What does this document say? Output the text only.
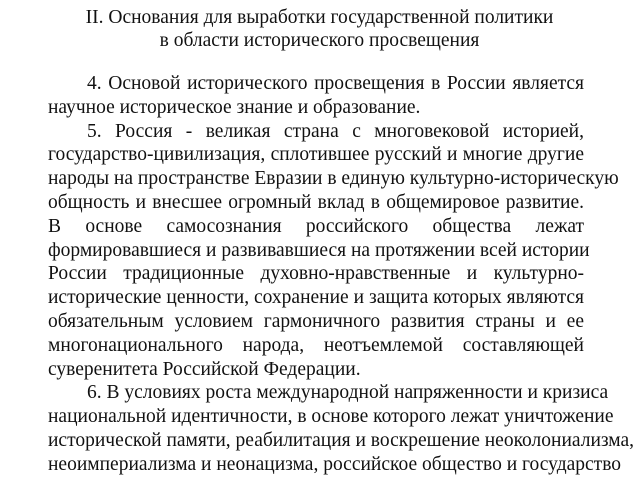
II. Основания для выработки государственной политики
в области исторического просвещения
4. Основой исторического просвещения в России является
научное историческое знание и образование.
5. Россия - великая страна с многовековой историей,
государство-цивилизация, сплотившее русский и многие другие
народы на пространстве Евразии в единую культурно-историческую
общность и внесшее огромный вклад в общемировое развитие.
В основе самосознания российского общества лежат
формировавшиеся и развивавшиеся на протяжении всей истории
России традиционные духовно-нравственные и культурно-
исторические ценности, сохранение и защита которых являются
обязательным условием гармоничного развития страны и ее
многонационального народа, неотъемлемой составляющей
суверенитета Российской Федерации.
6. В условиях роста международной напряженности и кризиса
национальной идентичности, в основе которого лежат уничтожение
исторической памяти, реабилитация и воскрешение неоколониализма,
неоимпериализма и неонацизма, российское общество и государство
